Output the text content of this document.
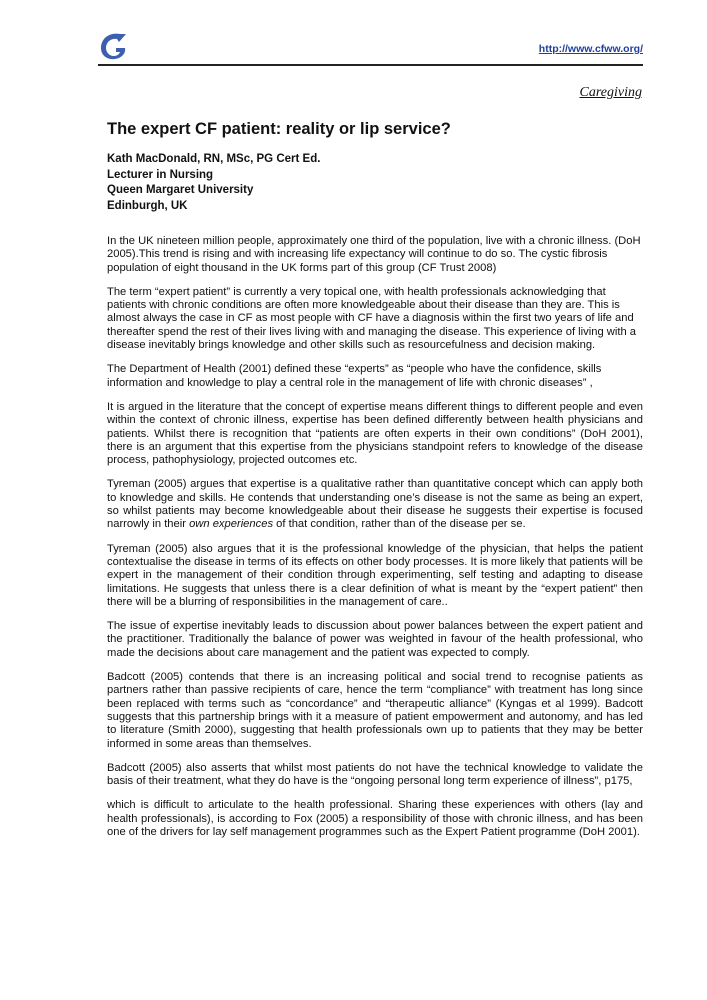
http://www.cfww.org/
Caregiving
The expert CF patient: reality or lip service?
Kath MacDonald, RN, MSc, PG Cert Ed.
Lecturer in Nursing
Queen Margaret University
Edinburgh, UK

In the UK nineteen million people, approximately one third of the population, live with a chronic illness. (DoH 2005).This trend is rising and with increasing life expectancy will continue to do so. The cystic fibrosis population of eight thousand in the UK forms part of this group (CF Trust 2008)

The term “expert patient” is currently a very topical one, with health professionals acknowledging that patients with chronic conditions are often more knowledgeable about their disease than they are. This is almost always the case in CF as most people with CF have a diagnosis within the first two years of life and thereafter spend the rest of their lives living with and managing the disease. This experience of living with a disease inevitably brings knowledge and other skills such as resourcefulness and decision making.

The Department of Health (2001) defined these “experts” as “people who have the confidence, skills information and knowledge to play a central role in the management of life with chronic diseases” ,

It is argued in the literature that the concept of expertise means different things to different people and even within the context of chronic illness, expertise has been defined differently between health physicians and patients. Whilst there is recognition that “patients are often experts in their own conditions” (DoH 2001), there is an argument that this expertise from the physicians standpoint refers to knowledge of the disease process, pathophysiology, projected outcomes etc.

Tyreman (2005) argues that expertise is a qualitative rather than quantitative concept which can apply both to knowledge and skills. He contends that understanding one’s disease is not the same as being an expert, so whilst patients may become knowledgeable about their disease he suggests their expertise is focused narrowly in their own experiences of that condition, rather than of the disease per se.

Tyreman (2005) also argues that it is the professional knowledge of the physician, that helps the patient contextualise the disease in terms of its effects on other body processes. It is more likely that patients will be expert in the management of their condition through experimenting, self testing and adapting to disease limitations. He suggests that unless there is a clear definition of what is meant by the “expert patient” then there will be a blurring of responsibilities in the management of care..

The issue of expertise inevitably leads to discussion about power balances between the expert patient and the practitioner. Traditionally the balance of power was weighted in favour of the health professional, who made the decisions about care management and the patient was expected to comply.

Badcott (2005) contends that there is an increasing political and social trend to recognise patients as partners rather than passive recipients of care, hence the term “compliance” with treatment has long since been replaced with terms such as “concordance” and “therapeutic alliance” (Kyngas et al 1999). Badcott suggests that this partnership brings with it a measure of patient empowerment and autonomy, and has led to literature (Smith 2000), suggesting that health professionals own up to patients that they may be better informed in some areas than themselves.

Badcott (2005) also asserts that whilst most patients do not have the technical knowledge to validate the basis of their treatment, what they do have is the “ongoing personal long term experience of illness”, p175,

which is difficult to articulate to the health professional. Sharing these experiences with others (lay and health professionals), is according to Fox (2005) a responsibility of those with chronic illness, and has been one of the drivers for lay self management programmes such as the Expert Patient programme (DoH 2001).
